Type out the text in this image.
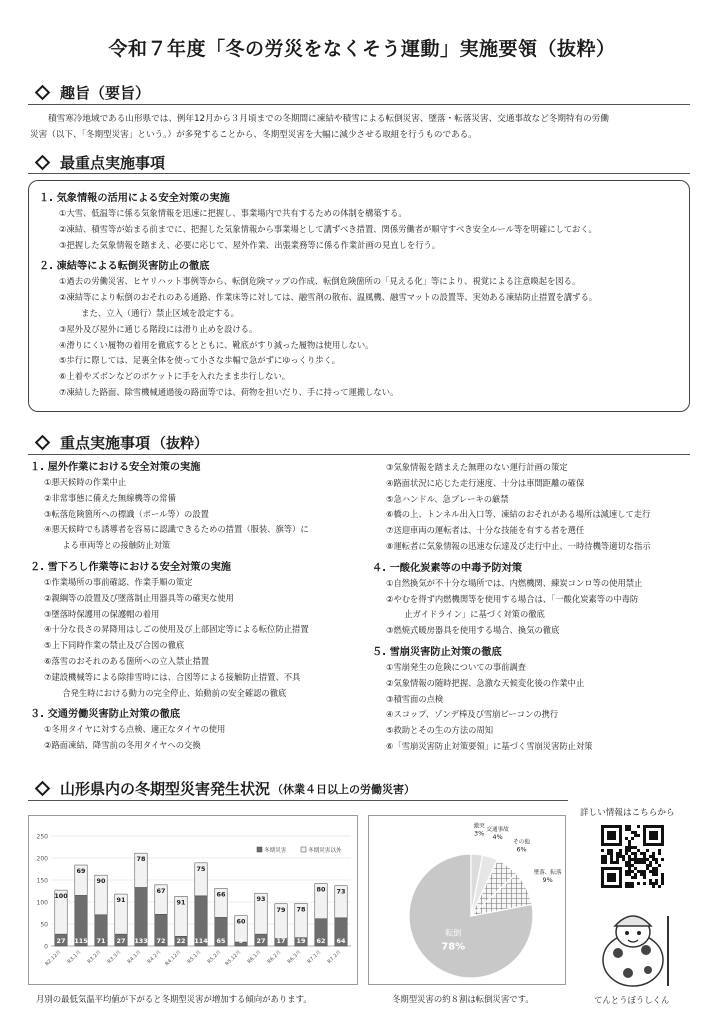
令和７年度「冬の労災をなくそう運動」実施要領（抜粋）
趣旨（要旨）
積雪寒冷地域である山形県では、例年12月から３月頃までの冬期間に凍結や積雪による転倒災害、墜落・転落災害、交通事故など冬期特有の労働
災害（以下、「冬期型災害」という。）が多発することから、冬期型災害を大幅に減少させる取組を行うものである。
最重点実施事項
１. 気象情報の活用による安全対策の実施
①大雪、低温等に係る気象情報を迅速に把握し、事業場内で共有するための体制を構築する。
②凍結、積雪等が始まる前までに、把握した気象情報から事業場として講ずべき措置、関係労働者が順守すべき安全ルール等を明確にしておく。
③把握した気象情報を踏まえ、必要に応じて、屋外作業、出張業務等に係る作業計画の見直しを行う。
２. 凍結等による転倒災害防止の徹底
①過去の労働災害、ヒヤリハット事例等から、転倒危険マップの作成、転倒危険箇所の「見える化」等により、視覚による注意喚起を図る。
②凍結等により転倒のおそれのある通路、作業床等に対しては、融雪剤の散布、温風機、融雪マットの設置等、実効ある凍結防止措置を講ずる。
　また、立入（通行）禁止区域を設定する。
③屋外及び屋外に通じる階段には滑り止めを設ける。
④滑りにくい履物の着用を徹底するとともに、靴底がすり減った履物は使用しない。
⑤歩行に際しては、足裏全体を使って小さな歩幅で急がずにゆっくり歩く。
⑥上着やズボンなどのポケットに手を入れたまま歩行しない。
⑦凍結した路面、除雪機械通過後の路面等では、荷物を担いだり、手に持って運搬しない。
重点実施事項 （抜粋）
１. 屋外作業における安全対策の実施
①悪天候時の作業中止
②非常事態に備えた無線機等の常備
③転落危険箇所への標識（ポール等）の設置
④悪天候時でも誘導者を容易に認識できるための措置（服装、旗等）に
　よる車両等との接触防止対策
２. 雪下ろし作業等における安全対策の実施
①作業場所の事前確認、作業手順の策定
②親綱等の設置及び墜落制止用器具等の確実な使用
③墜落時保護用の保護帽の着用
④十分な長さの昇降用はしごの使用及び上部固定等による転位防止措置
⑤上下同時作業の禁止及び合図の徹底
⑥落雪のおそれのある箇所への立入禁止措置
⑦建設機械等による除排雪時には、合図等による接触防止措置、不具
　合発生時における動力の完全停止、始動前の安全確認の徹底
３. 交通労働災害防止対策の徹底
①冬用タイヤに対する点検、適正なタイヤの使用
②路面凍結、降雪前の冬用タイヤへの交換
③気象情報を踏まえた無理のない運行計画の策定
④路面状況に応じた走行速度、十分は車間距離の確保
⑤急ハンドル、急ブレーキの厳禁
⑥橋の上、トンネル出入口等、凍結のおそれがある場所は減速して走行
⑦送迎車両の運転者は、十分な技能を有する者を選任
⑧運転者に気象情報の迅速な伝達及び走行中止、一時待機等適切な指示
４. 一酸化炭素等の中毒予防対策
①自然換気が不十分な場所では、内燃機関、練炭コンロ等の使用禁止
②やむを得ず内燃機関等を使用する場合は、「一酸化炭素等の中毒防
　止ガイドライン」に基づく対策の徹底
③燃焼式暖房器具を使用する場合、換気の徹底
５. 雪崩災害防止対策の徹底
①雪崩発生の危険についての事前調査
②気象情報の随時把握、急激な天候変化後の作業中止
③積雪面の点検
④スコップ、ゾンデ棒及び雪崩ビーコンの携行
⑤救助とその生の方法の周知
⑥「雪崩災害防止対策要領」に基づく雪崩災害防止対策
山形県内の冬期型災害発生状況 （休業４日以上の労働災害）
0
50
100
150
200
250
27
100
R2.12月
115
69
R3.1月
71
90
R3.2月
27
91
R3.3月
133
78
R4.1月
72
67
R4.2月
22
91
R4.12月
114
75
R5.1月
65
66
R5.2月
9
60
R5.12月
27
93
R6.1月
17
79
R6.2月
19
78
R6.3月
62
80
R7.1月
64
73
R7.2月
冬期災害	冬期災害以外
転倒
78%
激突
3% 交通事故
4%
その他
6%
墜落、転落
9%
月別の最低気温平均値が下がると冬期型災害が増加する傾向があります。	冬期型災害の約８割は転倒災害です。
詳しい情報はこちらから
てんとうぼうしくん
